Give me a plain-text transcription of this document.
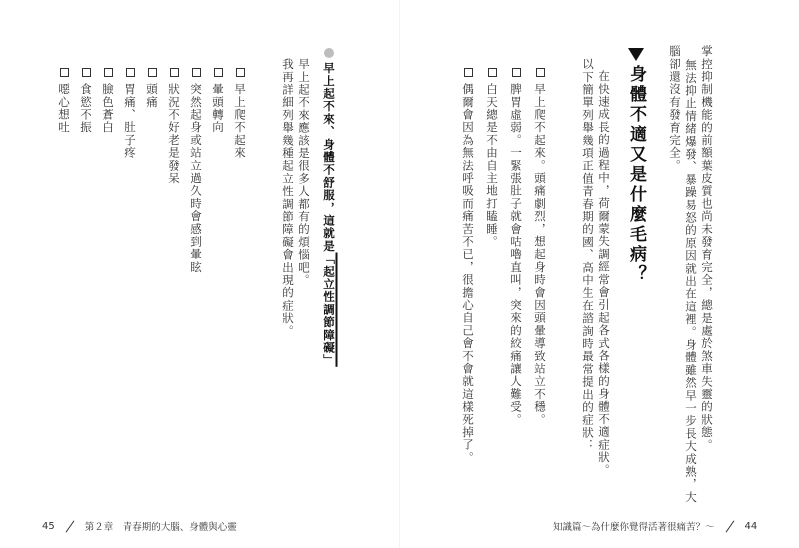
掌控抑制機能的前額葉皮質也尚未發育完全，總是處於煞車失靈的狀態。
無法抑止情緒爆發、暴躁易怒的原因就出在這裡。身體雖然早一步長大成熟，大
腦卻還沒有發育完全。
身體不適又是什麼毛病？
在快速成長的過程中，荷爾蒙失調經常會引起各式各樣的身體不適症狀。
以下簡單列舉幾項正值青春期的國、高中生在諮詢時最常提出的症狀：
早上爬不起來。頭痛劇烈，想起身時會因頭暈導致站立不穩。
脾胃虛弱。一緊張肚子就會咕嚕直叫，突來的絞痛讓人難受。
白天總是不由自主地打瞌睡。
偶爾會因為無法呼吸而痛苦不已，很擔心自己會不會就這樣死掉了。
早上起不來、身體不舒服，這就是「起立性調節障礙」
早上起不來應該是很多人都有的煩惱吧。
我再詳細列舉幾種起立性調節障礙會出現的症狀。
早上爬不起來
暈頭轉向
突然起身或站立過久時會感到暈眩
狀況不好老是發呆
頭痛
胃痛、肚子疼
臉色蒼白
食慾不振
噁心想吐
45	第２章　青春期的大腦、身體與心靈	知識篇～為什麼你覺得活著很痛苦？～	44
